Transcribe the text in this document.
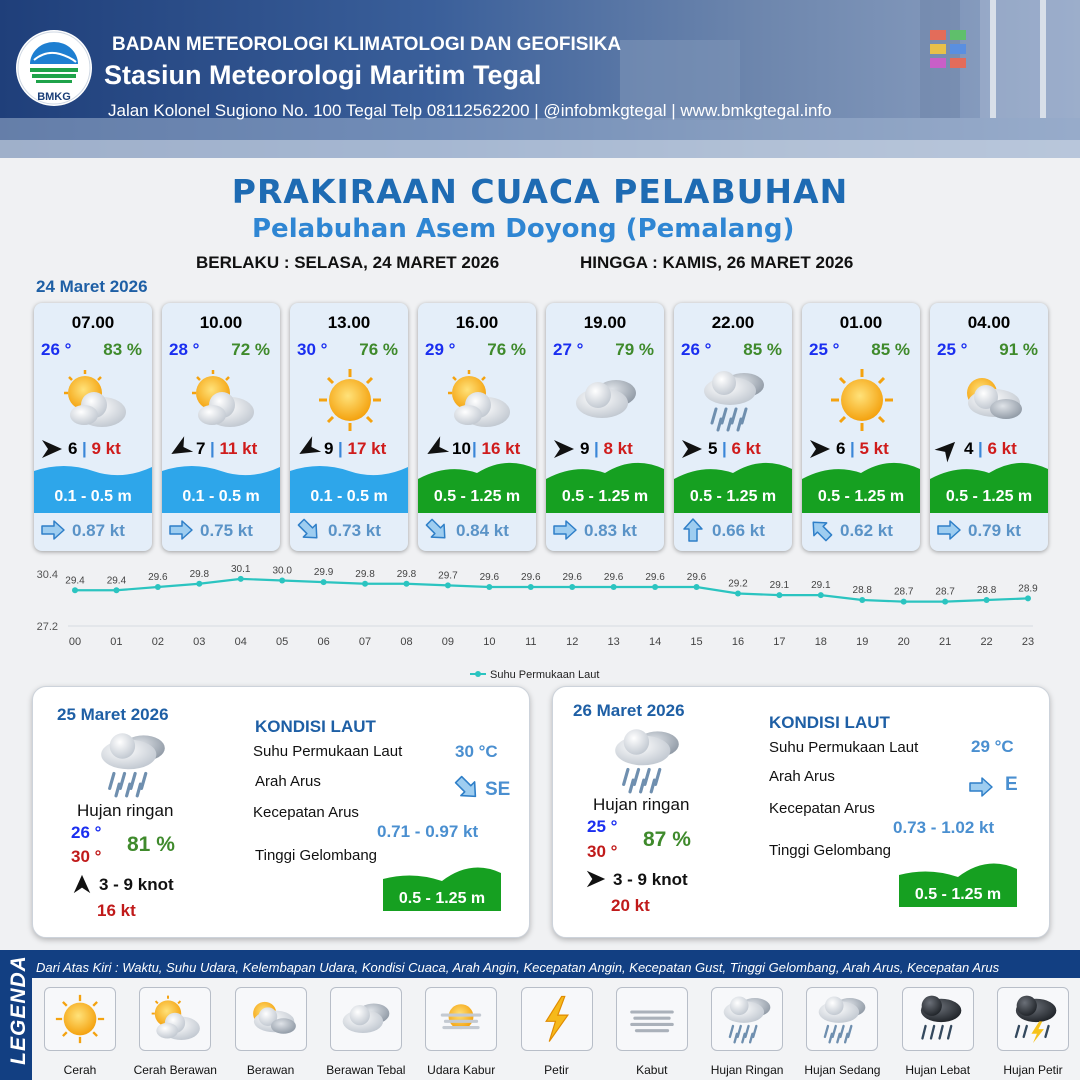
BMKG
BADAN METEOROLOGI KLIMATOLOGI DAN GEOFISIKA
Stasiun Meteorologi Maritim Tegal
Jalan Kolonel Sugiono No. 100 Tegal Telp 08112562200 | @infobmkgtegal | www.bmkgtegal.info
PRAKIRAAN CUACA PELABUHAN
Pelabuhan Asem Doyong (Pemalang)
BERLAKU : SELASA, 24 MARET 2026	HINGGA : KAMIS, 26 MARET 2026
24 Maret 2026
07.00
26 ° 83 %
6 | 9 kt
0.1 - 0.5 m
0.87 kt
10.00
28 ° 72 %
7 | 11 kt
0.1 - 0.5 m
0.75 kt
13.00
30 ° 76 %
9 | 17 kt
0.1 - 0.5 m
0.73 kt
16.00
29 ° 76 %
10 | 16 kt
0.5 - 1.25 m
0.84 kt
19.00
27 ° 79 %
9 | 8 kt
0.5 - 1.25 m
0.83 kt
22.00
26 ° 85 %
5 | 6 kt
0.5 - 1.25 m
0.66 kt
01.00
25 ° 85 %
6 | 5 kt
0.5 - 1.25 m
0.62 kt
04.00
25 ° 91 %
4 | 6 kt
0.5 - 1.25 m
0.79 kt
30.4
27.2
29.4
00
29.4
01
29.6
02
29.8
03
30.1
04
30.0
05
29.9
06
29.8
07
29.8
08
29.7
09
29.6
10
29.6
11
29.6
12
29.6
13
29.6
14
29.6
15
29.2
16
29.1
17
29.1
18
28.8
19
28.7
20
28.7
21
28.8
22
28.9
23
Suhu Permukaan Laut
25 Maret 2026
Hujan ringan
26 °
30 °
81 %
3 - 9 knot
16 kt
KONDISI LAUT
Suhu Permukaan Laut	30 °C
Arah Arus	SE
Kecepatan Arus
0.71 - 0.97 kt
Tinggi Gelombang
0.5 - 1.25 m
26 Maret 2026
Hujan ringan
25 °
30 °
87 %
3 - 9 knot
20 kt
KONDISI LAUT
Suhu Permukaan Laut	29 °C
Arah Arus	E
Kecepatan Arus
0.73 - 1.02 kt
Tinggi Gelombang
0.5 - 1.25 m
LEGENDA Dari Atas Kiri : Waktu, Suhu Udara, Kelembapan Udara, Kondisi Cuaca, Arah Angin, Kecepatan Angin, Kecepatan Gust, Tinggi Gelombang, Arah Arus, Kecepatan Arus
Cerah	Cerah Berawan	Berawan	Berawan Tebal	Udara Kabur	Petir	Kabut	Hujan Ringan	Hujan Sedang	Hujan Lebat	Hujan Petir
